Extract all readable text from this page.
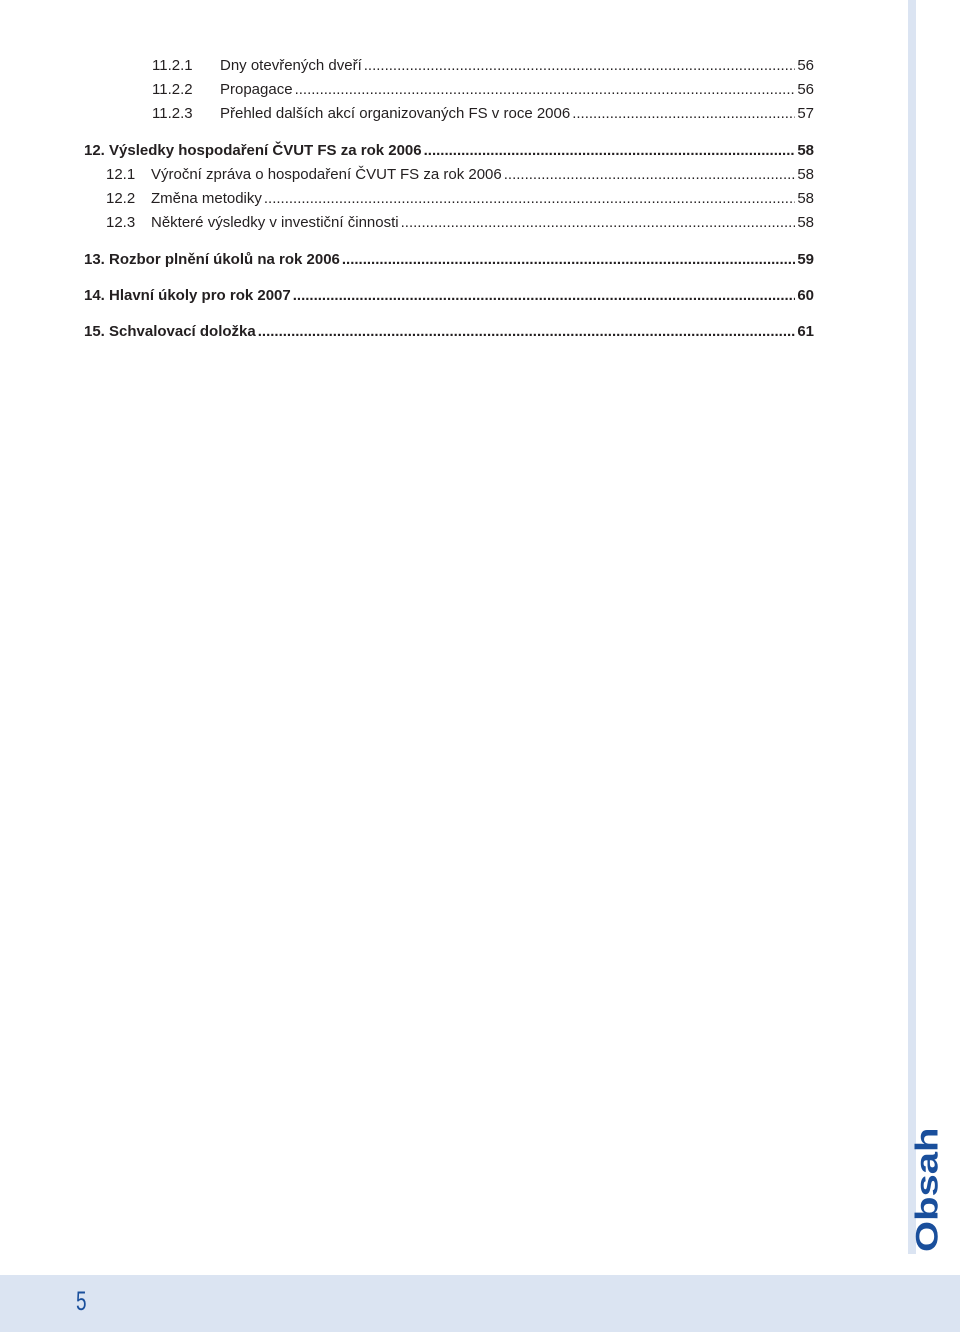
11.2.1	Dny otevřených dveří .....	56
11.2.2	Propagace .....	56
11.2.3	Přehled dalších akcí organizovaných FS v roce 2006 .....	57
12. Výsledky hospodaření ČVUT FS za rok 2006 .....	58
12.1	Výroční zpráva o hospodaření ČVUT FS za rok 2006 .....	58
12.2	Změna metodiky .....	58
12.3	Některé výsledky v investiční činnosti .....	58
13. Rozbor plnění úkolů na rok 2006 .....	59
14. Hlavní úkoly pro rok 2007 .....	60
15. Schvalovací doložka .....	61
Obsah
5
